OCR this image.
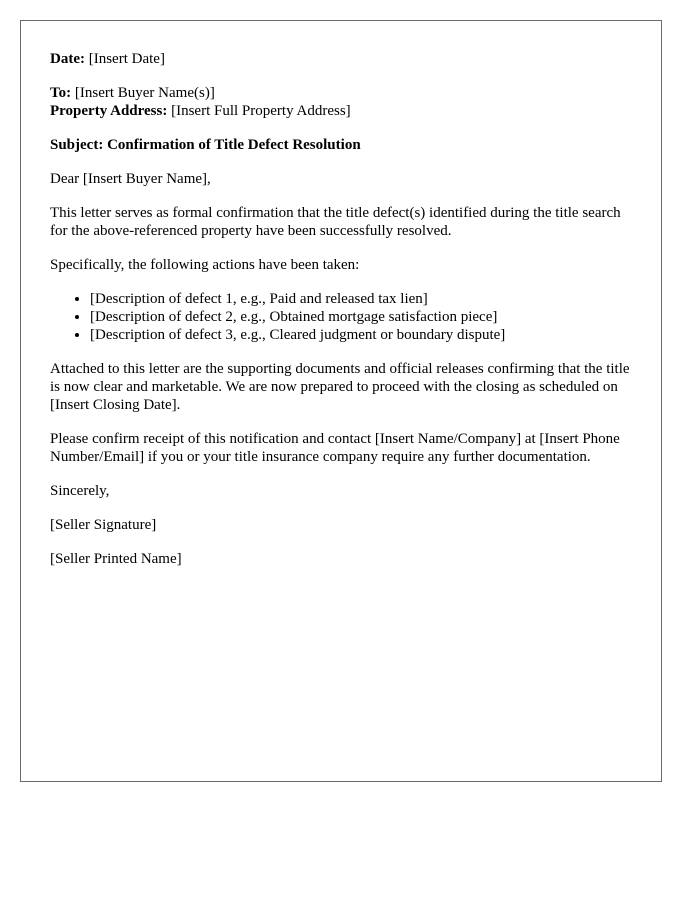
Date: [Insert Date]

To: [Insert Buyer Name(s)]
Property Address: [Insert Full Property Address]

Subject: Confirmation of Title Defect Resolution

Dear [Insert Buyer Name],

This letter serves as formal confirmation that the title defect(s) identified during the title search for the above-referenced property have been successfully resolved.

Specifically, the following actions have been taken:

• [Description of defect 1, e.g., Paid and released tax lien]
• [Description of defect 2, e.g., Obtained mortgage satisfaction piece]
• [Description of defect 3, e.g., Cleared judgment or boundary dispute]

Attached to this letter are the supporting documents and official releases confirming that the title is now clear and marketable. We are now prepared to proceed with the closing as scheduled on [Insert Closing Date].

Please confirm receipt of this notification and contact [Insert Name/Company] at [Insert Phone Number/Email] if you or your title insurance company require any further documentation.

Sincerely,

[Seller Signature]

[Seller Printed Name]
